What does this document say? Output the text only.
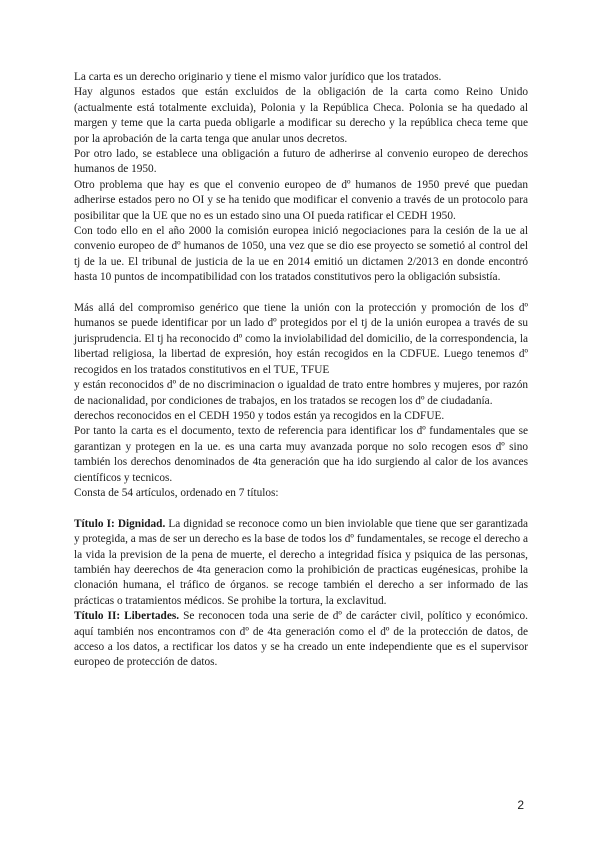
La carta es un derecho originario y tiene el mismo valor jurídico que los tratados.

Hay algunos estados que están excluidos de la obligación de la carta como Reino Unido (actualmente está totalmente excluida), Polonia y la República Checa. Polonia se ha quedado al margen y teme que la carta pueda obligarle a modificar su derecho y la república checa teme que por la aprobación de la carta tenga que anular unos decretos.

Por otro lado, se establece una obligación a futuro de adherirse al convenio europeo de derechos humanos de 1950.

Otro problema que hay es que el convenio europeo de dº humanos de 1950 prevé que puedan adherirse estados pero no OI y se ha tenido que modificar el convenio a través de un protocolo para posibilitar que la UE que no es un estado sino una OI pueda ratificar el CEDH 1950.

Con todo ello en el año 2000 la comisión europea inició negociaciones para la cesión de la ue al convenio europeo de dº humanos de 1050, una vez que se dio ese proyecto se sometió al control del tj de la ue. El tribunal de justicia de la ue en 2014 emitió un dictamen 2/2013 en donde encontró hasta 10 puntos de incompatibilidad con los tratados constitutivos pero la obligación subsistía.

Más allá del compromiso genérico que tiene la unión con la protección y promoción de los dº humanos se puede identificar por un lado dº protegidos por el tj de la unión europea a través de su jurisprudencia. El tj ha reconocido dº como la inviolabilidad del domicilio, de la correspondencia, la libertad religiosa, la libertad de expresión, hoy están recogidos en la CDFUE. Luego tenemos dº recogidos en los tratados constitutivos en el TUE, TFUE

y están reconocidos dº de no discriminacion o igualdad de trato entre hombres y mujeres, por razón de nacionalidad, por condiciones de trabajos, en los tratados se recogen los dº de ciudadanía.

derechos reconocidos en el CEDH 1950 y todos están ya recogidos en la CDFUE.

Por tanto la carta es el documento, texto de referencia para identificar los dº fundamentales que se garantizan y protegen en la ue. es una carta muy avanzada porque no solo recogen esos dº sino también los derechos denominados de 4ta generación que ha ido surgiendo al calor de los avances científicos y tecnicos.

Consta de 54 artículos, ordenado en 7 títulos:

Título I: Dignidad. La dignidad se reconoce como un bien inviolable que tiene que ser garantizada y protegida, a mas de ser un derecho es la base de todos los dº fundamentales, se recoge el derecho a la vida la prevision de la pena de muerte, el derecho a integridad física y psiquica de las personas, también hay deerechos de 4ta generacion como la prohibición de practicas eugénesicas, prohibe la clonación humana, el tráfico de órganos. se recoge también el derecho a ser informado de las prácticas o tratamientos médicos. Se prohibe la tortura, la exclavitud.

Título II: Libertades. Se reconocen toda una serie de dº de carácter civil, político y económico. aquí también nos encontramos con dº de 4ta generación como el dº de la protección de datos, de acceso a los datos, a rectificar los datos y se ha creado un ente independiente que es el supervisor europeo de protección de datos.

2
